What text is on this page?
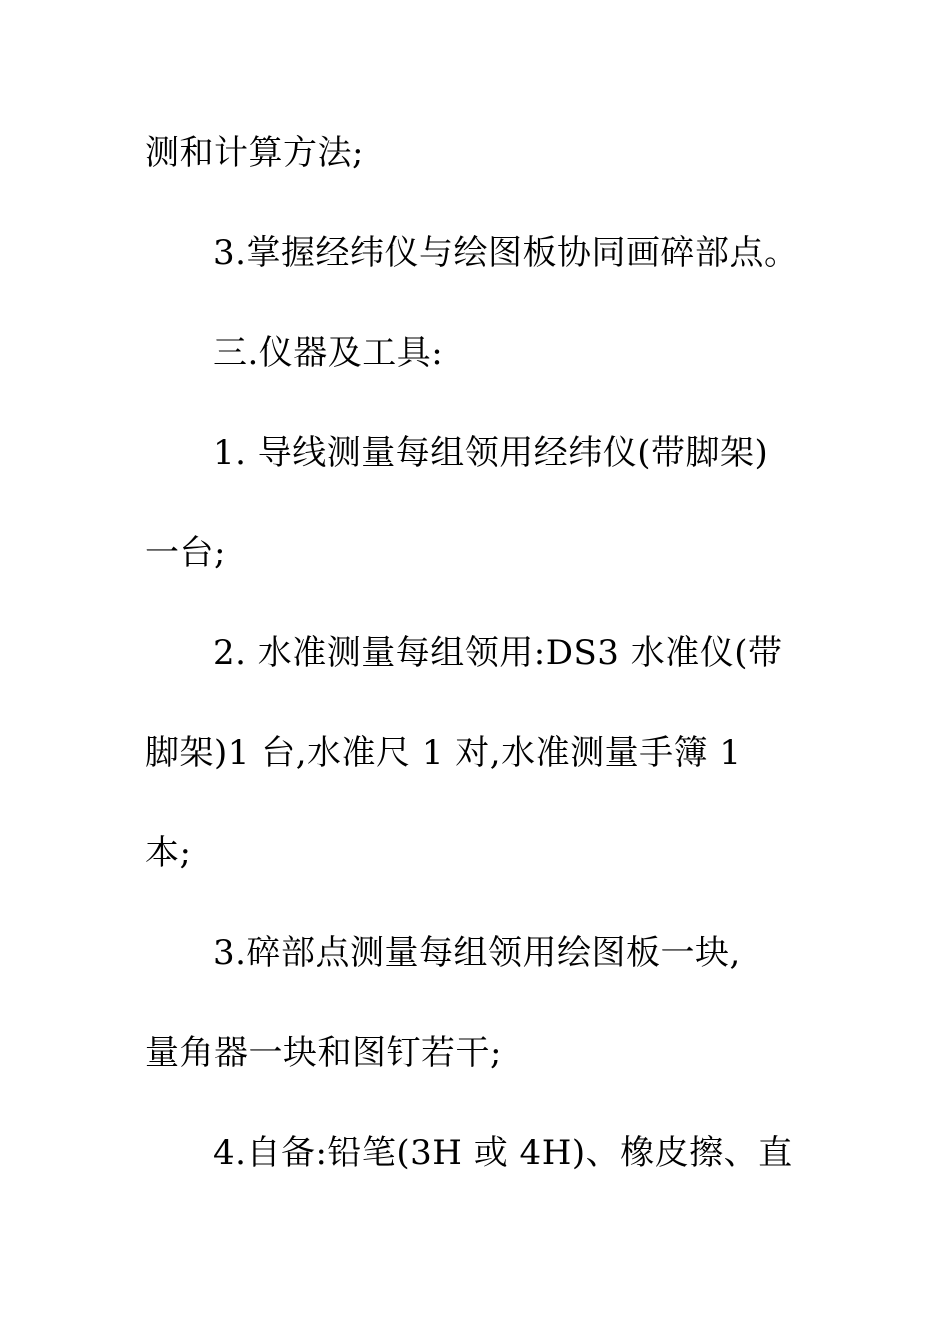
测和计算方法;
3.掌握经纬仪与绘图板协同画碎部点。
三.仪器及工具:
1. 导线测量每组领用经纬仪(带脚架)
一台;
2. 水准测量每组领用:DS3 水准仪(带
脚架)1 台,水准尺 1 对,水准测量手簿 1
本;
3.碎部点测量每组领用绘图板一块,
量角器一块和图钉若干;
4.自备:铅笔(3H 或 4H)、橡皮擦、直
